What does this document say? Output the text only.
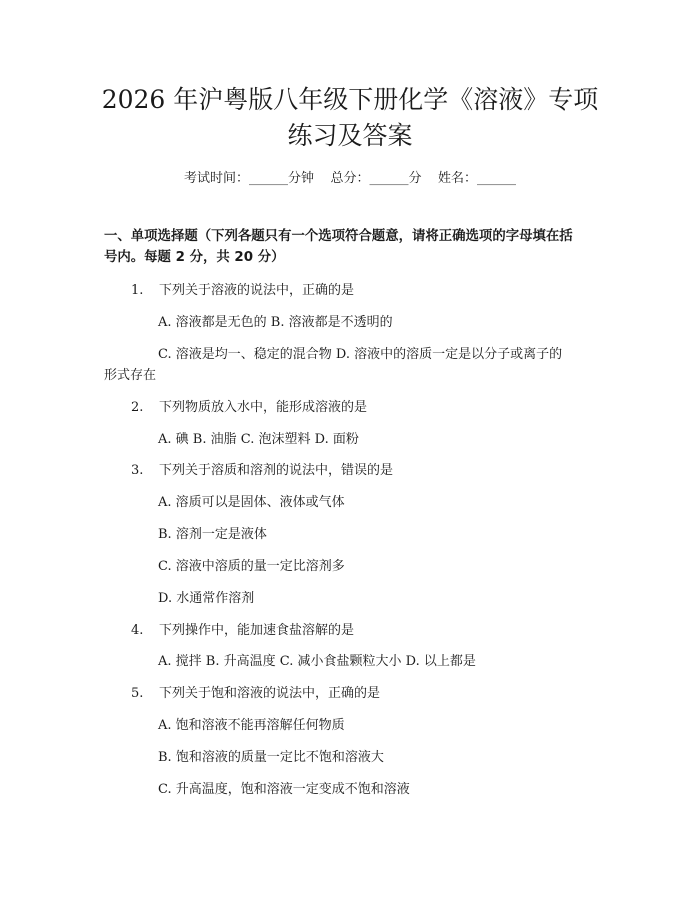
2026 年沪粤版八年级下册化学《溶液》专项
练习及答案
考试时间：______分钟    总分：______分    姓名：______
一、单项选择题（下列各题只有一个选项符合题意，请将正确选项的字母填在括
号内。每题 2 分，共 20 分）
1. 下列关于溶液的说法中，正确的是
A. 溶液都是无色的 B. 溶液都是不透明的
C. 溶液是均一、稳定的混合物 D. 溶液中的溶质一定是以分子或离子的
形式存在
2. 下列物质放入水中，能形成溶液的是
A. 碘 B. 油脂 C. 泡沫塑料 D. 面粉
3. 下列关于溶质和溶剂的说法中，错误的是
A. 溶质可以是固体、液体或气体
B. 溶剂一定是液体
C. 溶液中溶质的量一定比溶剂多
D. 水通常作溶剂
4. 下列操作中，能加速食盐溶解的是
A. 搅拌 B. 升高温度 C. 减小食盐颗粒大小 D. 以上都是
5. 下列关于饱和溶液的说法中，正确的是
A. 饱和溶液不能再溶解任何物质
B. 饱和溶液的质量一定比不饱和溶液大
C. 升高温度，饱和溶液一定变成不饱和溶液
